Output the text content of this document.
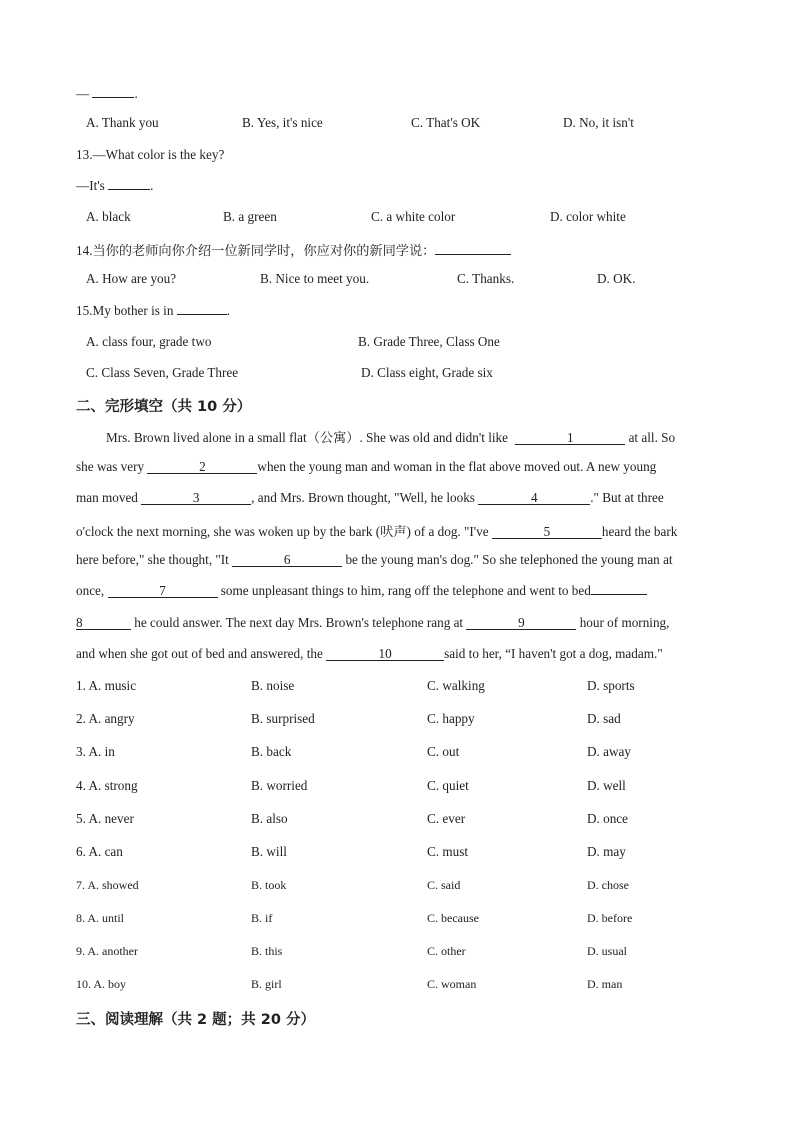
—	.
A. Thank you	B. Yes, it's nice	C. That's OK	D. No, it isn't
13.—What color is the key?
—It's	.
A. black	B. a green	C. a white color	D. color white
14.当你的老师向你介绍一位新同学时，你应对你的新同学说：
A. How are you?	B. Nice to meet you.	C. Thanks.	D. OK.
15.My bother is in	.
A. class four, grade two	B. Grade Three, Class One
C. Class Seven, Grade Three	D. Class eight, Grade six
二、完形填空（共 10 分）
Mrs. Brown lived alone in a small flat（公寓）. She was old and didn't like	1	at all. So
she was very	2	when the young man and woman in the flat above moved out. A new young
man moved	3	, and Mrs. Brown thought, "Well, he looks	4	." But at three
o'clock the next morning, she was woken up by the bark (吠声) of a dog. "I've	5	heard the bark
here before," she thought, "It	6	be the young man's dog." So she telephoned the young man at
once,	7	some unpleasant things to him, rang off the telephone and went to bed
8	he could answer. The next day Mrs. Brown's telephone rang at	9	hour of morning,
and when she got out of bed and answered, the	10	said to her, “I haven't got a dog, madam."
1. A. music	B. noise	C. walking	D. sports
2. A. angry	B. surprised	C. happy	D. sad
3. A. in	B. back	C. out	D. away
4. A. strong	B. worried	C. quiet	D. well
5. A. never	B. also	C. ever	D. once
6. A. can	B. will	C. must	D. may
7. A. showed	B. took	C. said	D. chose
8. A. until	B. if	C. because	D. before
9. A. another	B. this	C. other	D. usual
10. A. boy	B. girl	C. woman	D. man
三、阅读理解（共 2 题；共 20 分）
